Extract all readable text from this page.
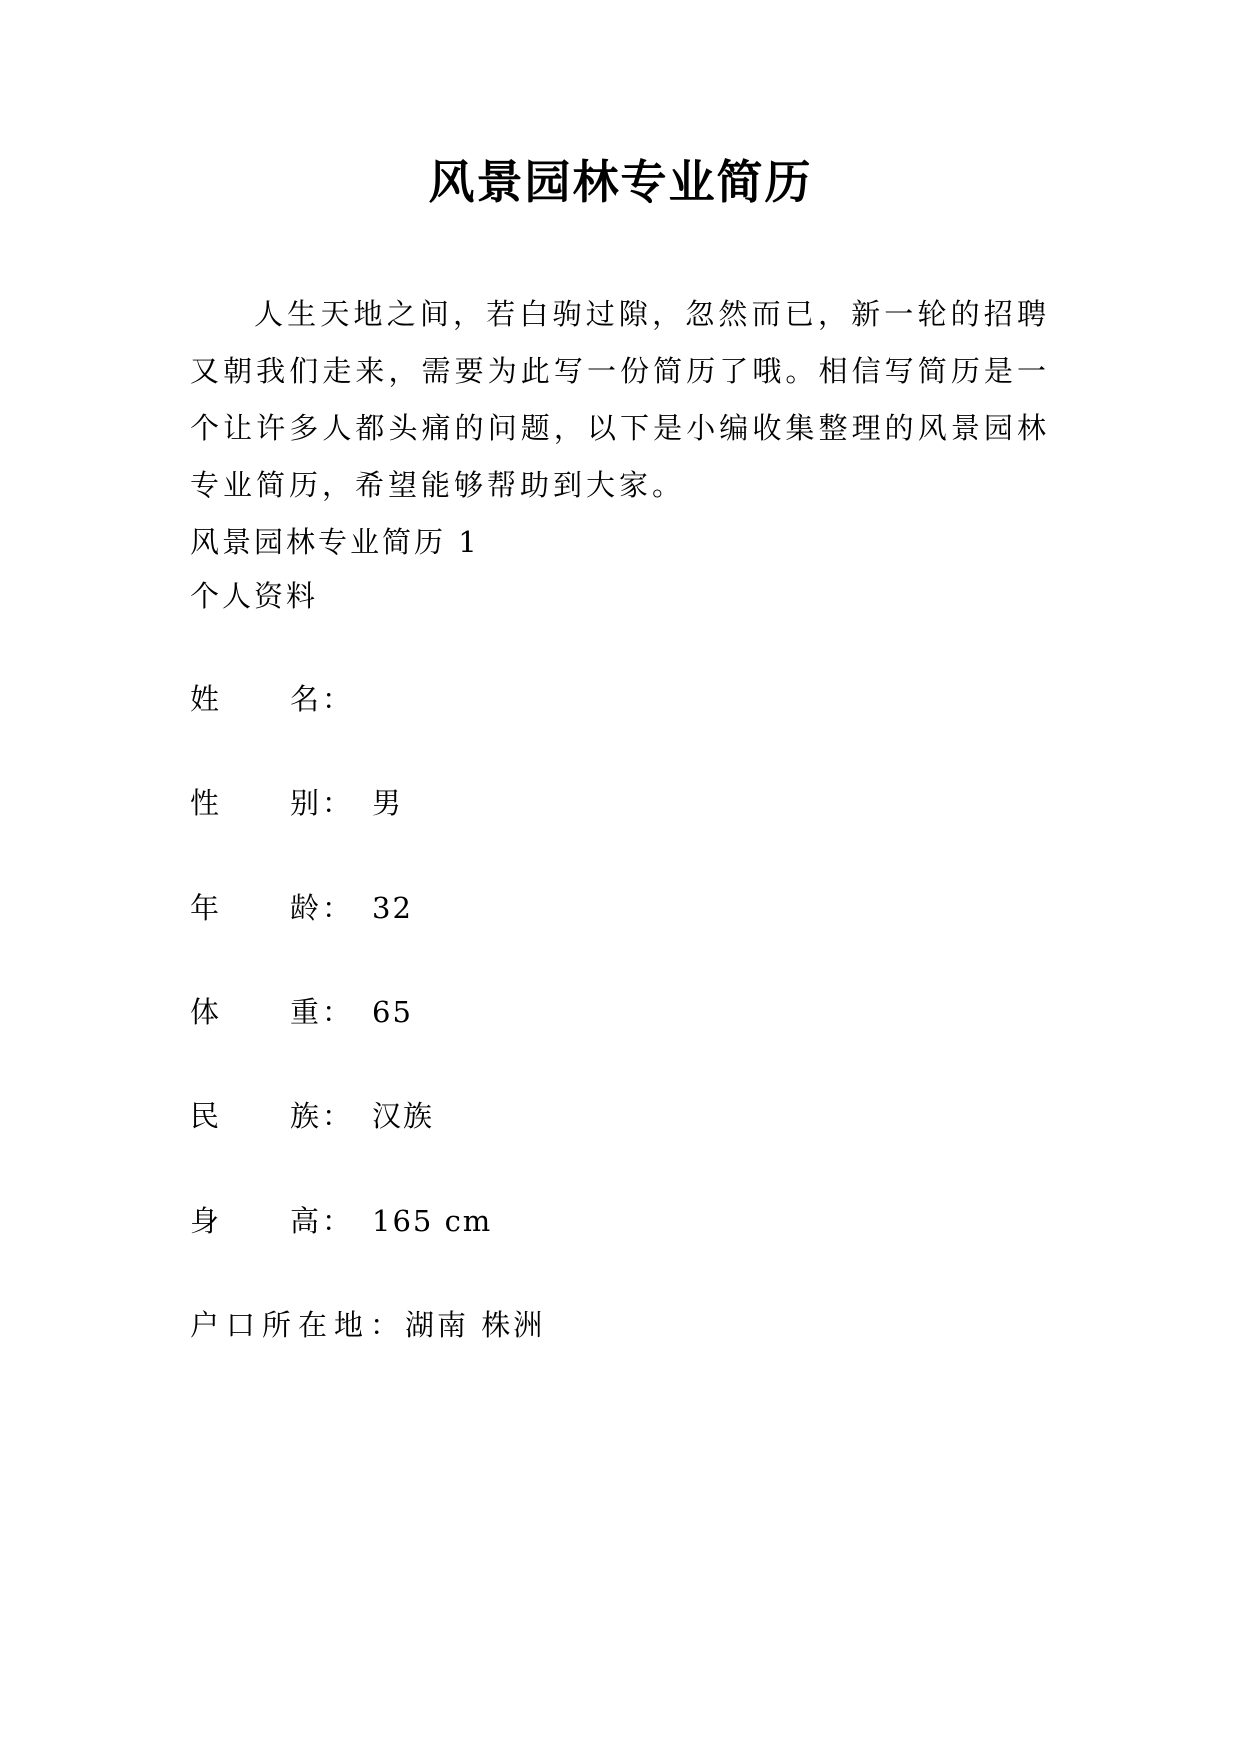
风景园林专业简历

人生天地之间，若白驹过隙，忽然而已，新一轮的招聘又朝我们走来，需要为此写一份简历了哦。相信写简历是一个让许多人都头痛的问题，以下是小编收集整理的风景园林专业简历，希望能够帮助到大家。

风景园林专业简历 1
个人资料
姓 名 ：
性 别 ： 男
年 龄 ： 32
体 重 ： 65
民 族 ： 汉族
身 高 ： 165 cm
户口所在地：
湖南 株洲
